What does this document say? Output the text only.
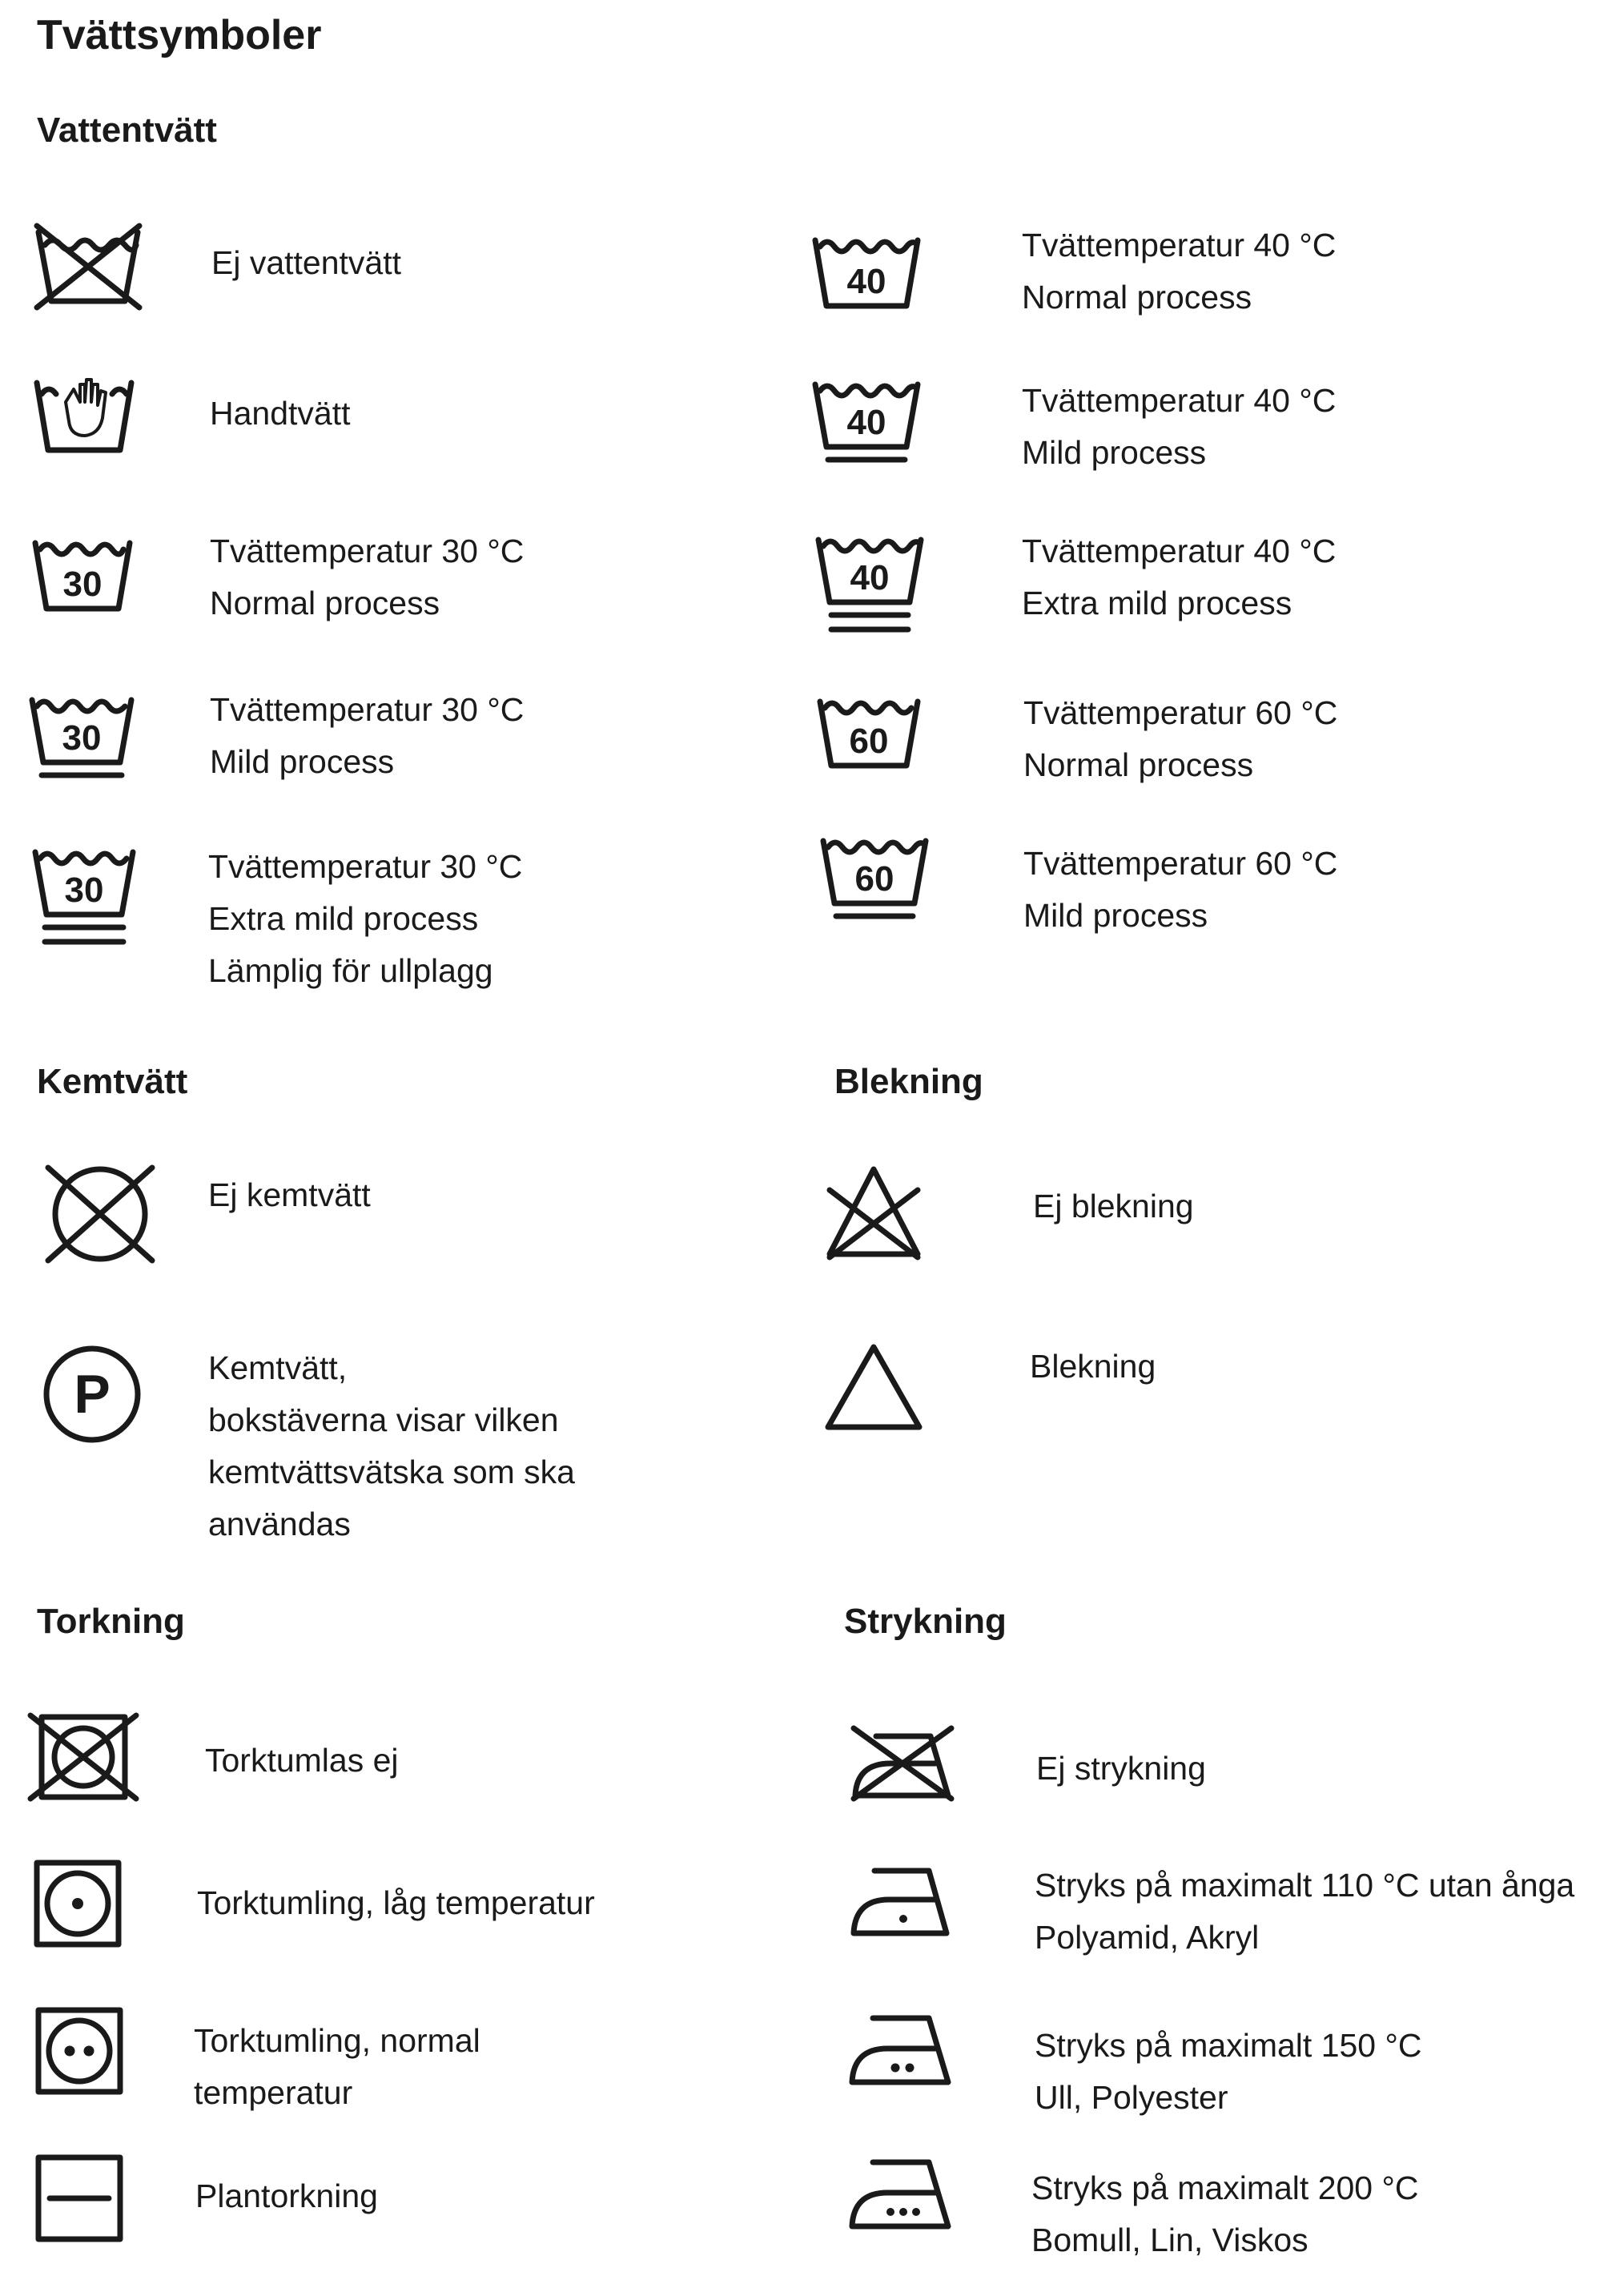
Tvättsymboler
Vattentvätt
Ej vattentvätt
Handtvätt
30
Tvättemperatur 30 °C
Normal process
30
Tvättemperatur 30 °C
Mild process
30
Tvättemperatur 30 °C
Extra mild process
Lämplig för ullplagg
40
Tvättemperatur 40 °C
Normal process
40
Tvättemperatur 40 °C
Mild process
40
Tvättemperatur 40 °C
Extra mild process
60
Tvättemperatur 60 °C
Normal process
60	Tvättemperatur 60 °C
Mild process
Kemtvätt
Ej kemtvätt
P	Kemtvätt,
bokstäverna visar vilken
kemtvättsvätska som ska
användas
Blekning
Ej blekning
Blekning
Torkning
Torktumlas ej
Torktumling, låg temperatur
Torktumling, normal
temperatur
Plantorkning
Strykning
Ej strykning
Stryks på maximalt 110 °C utan ånga
Polyamid, Akryl
Stryks på maximalt 150 °C
Ull, Polyester
Stryks på maximalt 200 °C
Bomull, Lin, Viskos
